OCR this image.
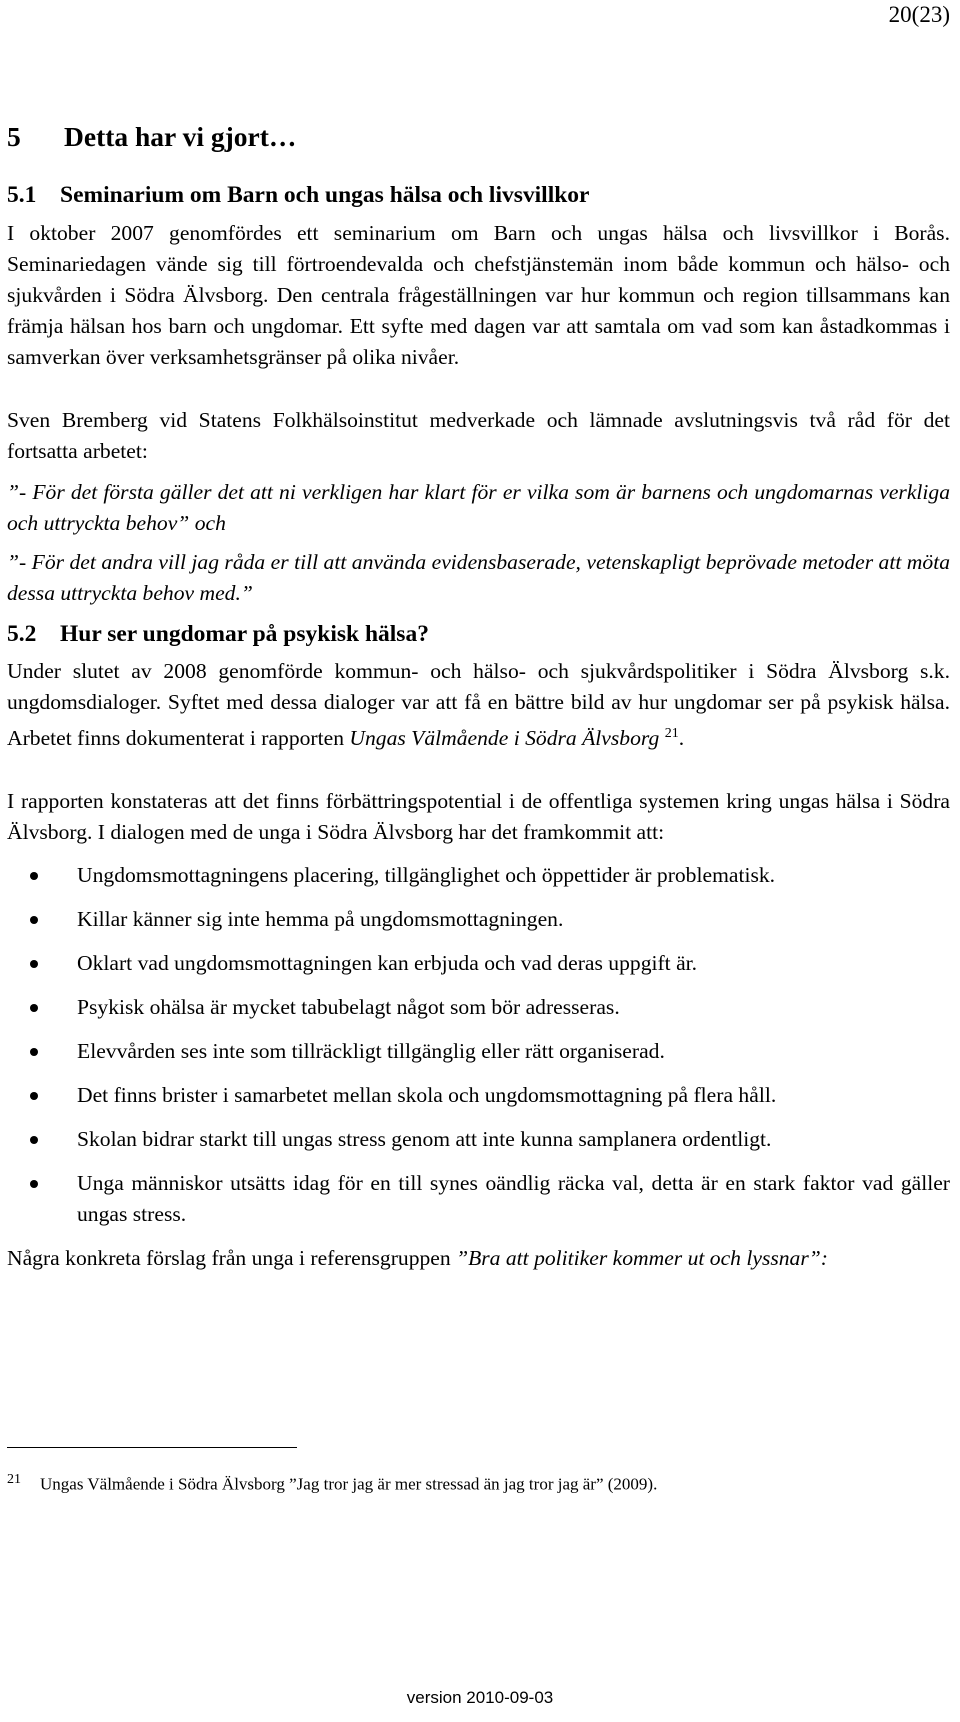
20(23)
5	Detta har vi gjort…
5.1	Seminarium om Barn och ungas hälsa och livsvillkor

I oktober 2007 genomfördes ett seminarium om Barn och ungas hälsa och livsvillkor i Borås. Seminariedagen vände sig till förtroendevalda och chefstjänstemän inom både kommun och hälso- och sjukvården i Södra Älvsborg. Den centrala frågeställningen var hur kommun och region tillsammans kan främja hälsan hos barn och ungdomar. Ett syfte med dagen var att samtala om vad som kan åstadkommas i samverkan över verksamhetsgränser på olika nivåer.

Sven Bremberg vid Statens Folkhälsoinstitut medverkade och lämnade avslutningsvis två råd för det fortsatta arbetet:

”- För det första gäller det att ni verkligen har klart för er vilka som är barnens och ungdomarnas verkliga och uttryckta behov” och

”- För det andra vill jag råda er till att använda evidensbaserade, vetenskapligt beprövade metoder att möta dessa uttryckta behov med.”

5.2	Hur ser ungdomar på psykisk hälsa?

Under slutet av 2008 genomförde kommun- och hälso- och sjukvårdspolitiker i Södra Älvsborg s.k. ungdomsdialoger. Syftet med dessa dialoger var att få en bättre bild av hur ungdomar ser på psykisk hälsa. Arbetet finns dokumenterat i rapporten Ungas Välmående i Södra Älvsborg $^{21}$.

I rapporten konstateras att det finns förbättringspotential i de offentliga systemen kring ungas hälsa i Södra Älvsborg. I dialogen med de unga i Södra Älvsborg har det framkommit att:

Ungdomsmottagningens placering, tillgänglighet och öppettider är problematisk.
Killar känner sig inte hemma på ungdomsmottagningen.
Oklart vad ungdomsmottagningen kan erbjuda och vad deras uppgift är.
Psykisk ohälsa är mycket tabubelagt något som bör adresseras.
Elevvården ses inte som tillräckligt tillgänglig eller rätt organiserad.
Det finns brister i samarbetet mellan skola och ungdomsmottagning på flera håll.
Skolan bidrar starkt till ungas stress genom att inte kunna samplanera ordentligt.
Unga människor utsätts idag för en till synes oändlig räcka val, detta är en stark faktor vad gäller ungas stress.

Några konkreta förslag från unga i referensgruppen ”Bra att politiker kommer ut och lyssnar”:

21 Ungas Välmående i Södra Älvsborg ”Jag tror jag är mer stressad än jag tror jag är” (2009).
version 2010-09-03
